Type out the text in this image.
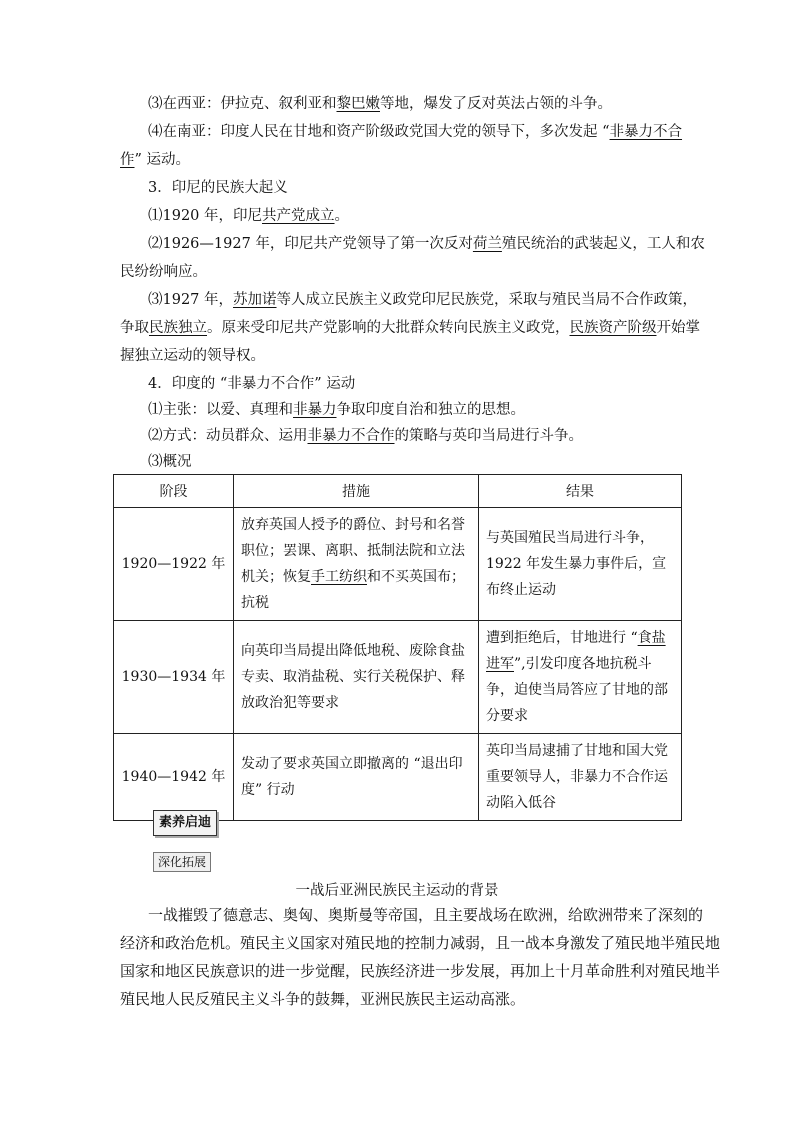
⑶在西亚：伊拉克、叙利亚和黎巴嫩等地，爆发了反对英法占领的斗争。
⑷在南亚：印度人民在甘地和资产阶级政党国大党的领导下，多次发起 “非暴力不合
作” 运动。
3．印尼的民族大起义
⑴1920 年，印尼共产党成立。
⑵1926—1927 年，印尼共产党领导了第一次反对荷兰殖民统治的武装起义，工人和农
民纷纷响应。
⑶1927 年，苏加诺等人成立民族主义政党印尼民族党，采取与殖民当局不合作政策，
争取民族独立。原来受印尼共产党影响的大批群众转向民族主义政党，民族资产阶级开始掌
握独立运动的领导权。
4．印度的 “非暴力不合作” 运动
⑴主张：以爱、真理和非暴力争取印度自治和独立的思想。
⑵方式：动员群众、运用非暴力不合作的策略与英印当局进行斗争。
⑶概况
阶段	措施	结果
1920—1922 年	放弃英国人授予的爵位、封号和名誉职位；罢课、离职、抵制法院和立法机关；恢复手工纺织和不买英国布；抗税	与英国殖民当局进行斗争，1922 年发生暴力事件后，宣布终止运动
1930—1934 年	向英印当局提出降低地税、废除食盐专卖、取消盐税、实行关税保护、释放政治犯等要求	遭到拒绝后，甘地进行 “食盐进军”,引发印度各地抗税斗争，迫使当局答应了甘地的部分要求
1940—1942 年	发动了要求英国立即撤离的 “退出印度” 行动	英印当局逮捕了甘地和国大党重要领导人，非暴力不合作运动陷入低谷
素养启迪
深化拓展
一战后亚洲民族民主运动的背景
一战摧毁了德意志、奥匈、奥斯曼等帝国，且主要战场在欧洲，给欧洲带来了深刻的
经济和政治危机。殖民主义国家对殖民地的控制力减弱，且一战本身激发了殖民地半殖民地
国家和地区民族意识的进一步觉醒，民族经济进一步发展，再加上十月革命胜利对殖民地半
殖民地人民反殖民主义斗争的鼓舞，亚洲民族民主运动高涨。
